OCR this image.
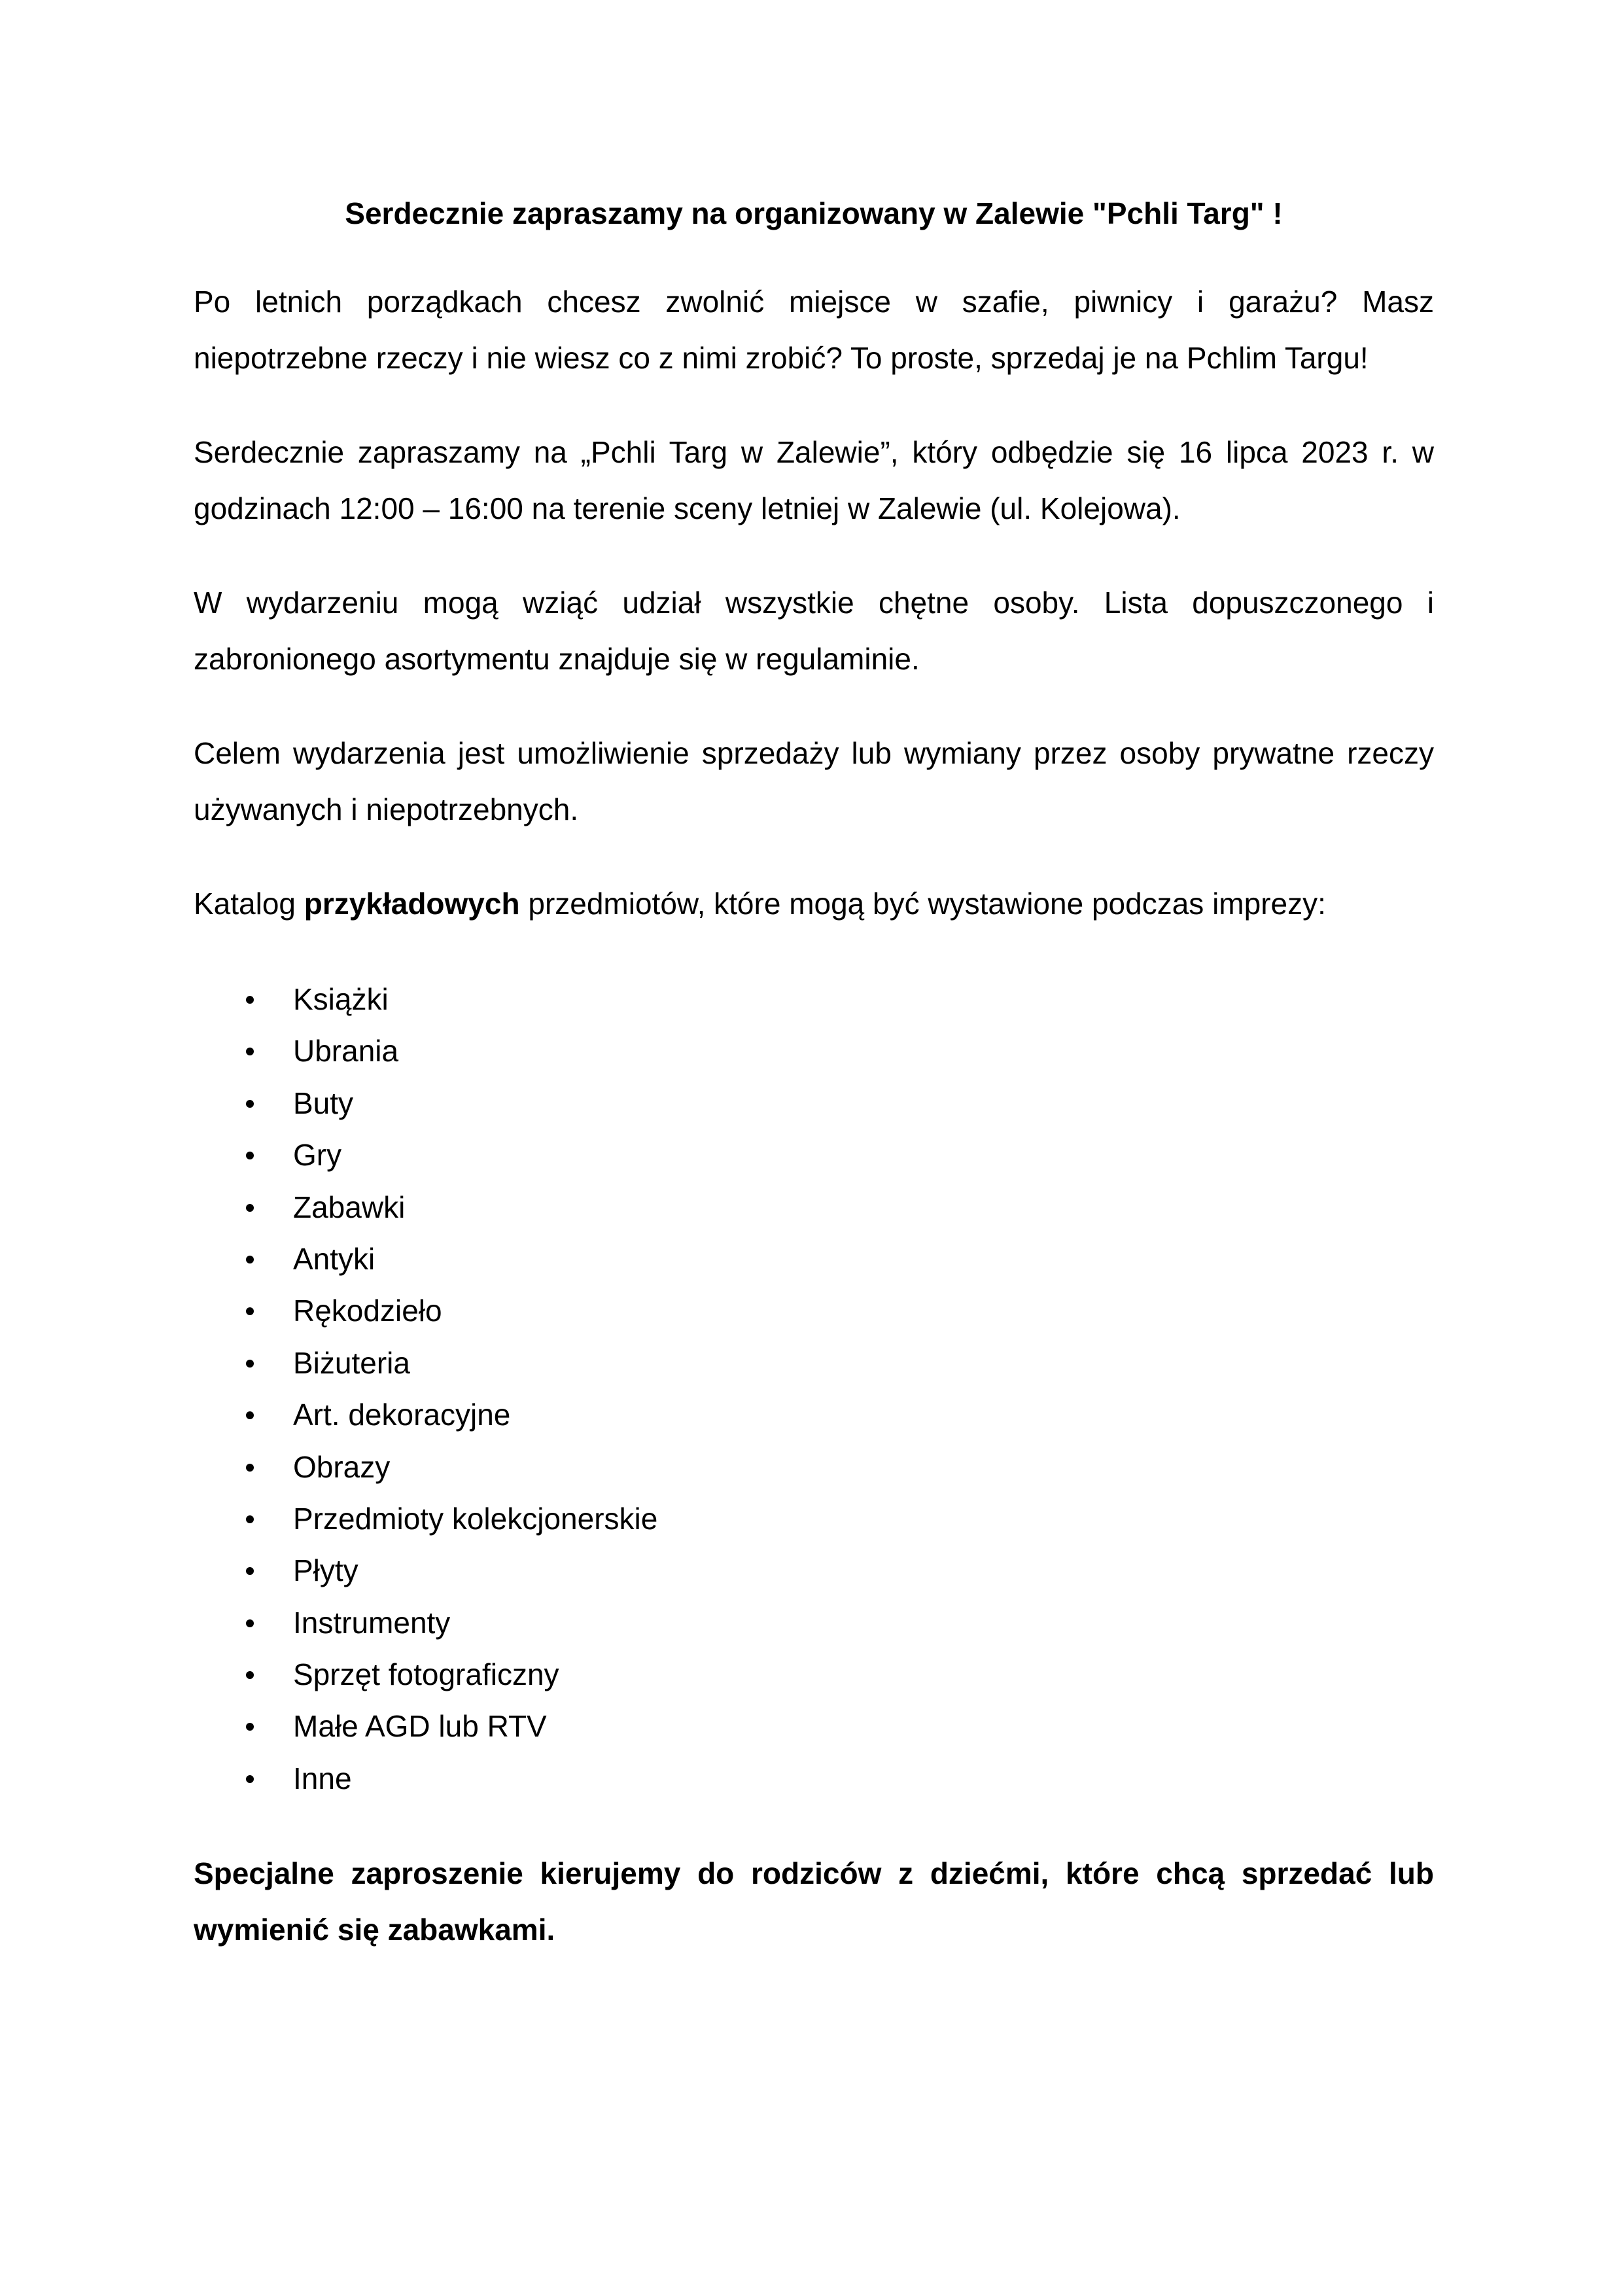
Serdecznie zapraszamy na organizowany w Zalewie "Pchli Targ" !

Po letnich porządkach chcesz zwolnić miejsce w szafie, piwnicy i garażu? Masz niepotrzebne rzeczy i nie wiesz co z nimi zrobić? To proste, sprzedaj je na Pchlim Targu!

Serdecznie zapraszamy na „Pchli Targ w Zalewie”, który odbędzie się 16 lipca 2023 r. w godzinach 12:00 – 16:00 na terenie sceny letniej w Zalewie (ul. Kolejowa).

W wydarzeniu mogą wziąć udział wszystkie chętne osoby. Lista dopuszczonego i zabronionego asortymentu znajduje się w regulaminie.

Celem wydarzenia jest umożliwienie sprzedaży lub wymiany przez osoby prywatne rzeczy używanych i niepotrzebnych.

Katalog przykładowych przedmiotów, które mogą być wystawione podczas imprezy:

Książki
Ubrania
Buty
Gry
Zabawki
Antyki
Rękodzieło
Biżuteria
Art. dekoracyjne
Obrazy
Przedmioty kolekcjonerskie
Płyty
Instrumenty
Sprzęt fotograficzny
Małe AGD lub RTV
Inne

Specjalne zaproszenie kierujemy do rodziców z dziećmi, które chcą sprzedać lub wymienić się zabawkami.
